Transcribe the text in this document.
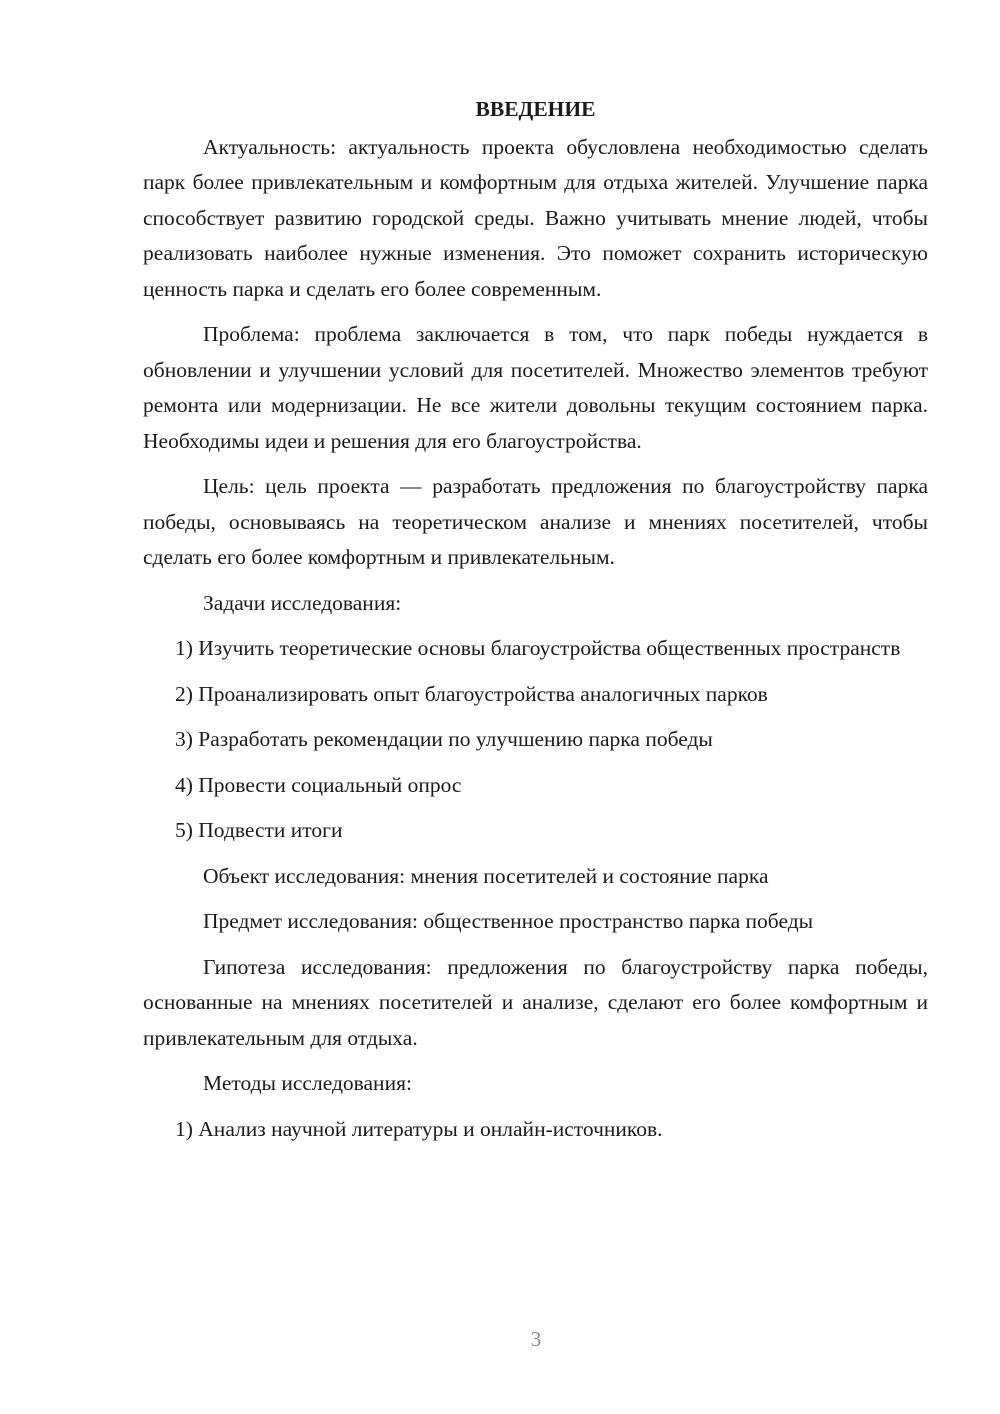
ВВЕДЕНИЕ

Актуальность: актуальность проекта обусловлена необходимостью сделать парк более привлекательным и комфортным для отдыха жителей. Улучшение парка способствует развитию городской среды. Важно учитывать мнение людей, чтобы реализовать наиболее нужные изменения. Это поможет сохранить историческую ценность парка и сделать его более современным.

Проблема: проблема заключается в том, что парк победы нуждается в обновлении и улучшении условий для посетителей. Множество элементов требуют ремонта или модернизации. Не все жители довольны текущим состоянием парка. Необходимы идеи и решения для его благоустройства.

Цель: цель проекта — разработать предложения по благоустройству парка победы, основываясь на теоретическом анализе и мнениях посетителей, чтобы сделать его более комфортным и привлекательным.

Задачи исследования:

1) Изучить теоретические основы благоустройства общественных пространств

2) Проанализировать опыт благоустройства аналогичных парков
3) Разработать рекомендации по улучшению парка победы
4) Провести социальный опрос
5) Подвести итоги
Объект исследования: мнения посетителей и состояние парка
Предмет исследования: общественное пространство парка победы

Гипотеза исследования: предложения по благоустройству парка победы, основанные на мнениях посетителей и анализе, сделают его более комфортным и привлекательным для отдыха.

Методы исследования:
1) Анализ научной литературы и онлайн-источников.
3
